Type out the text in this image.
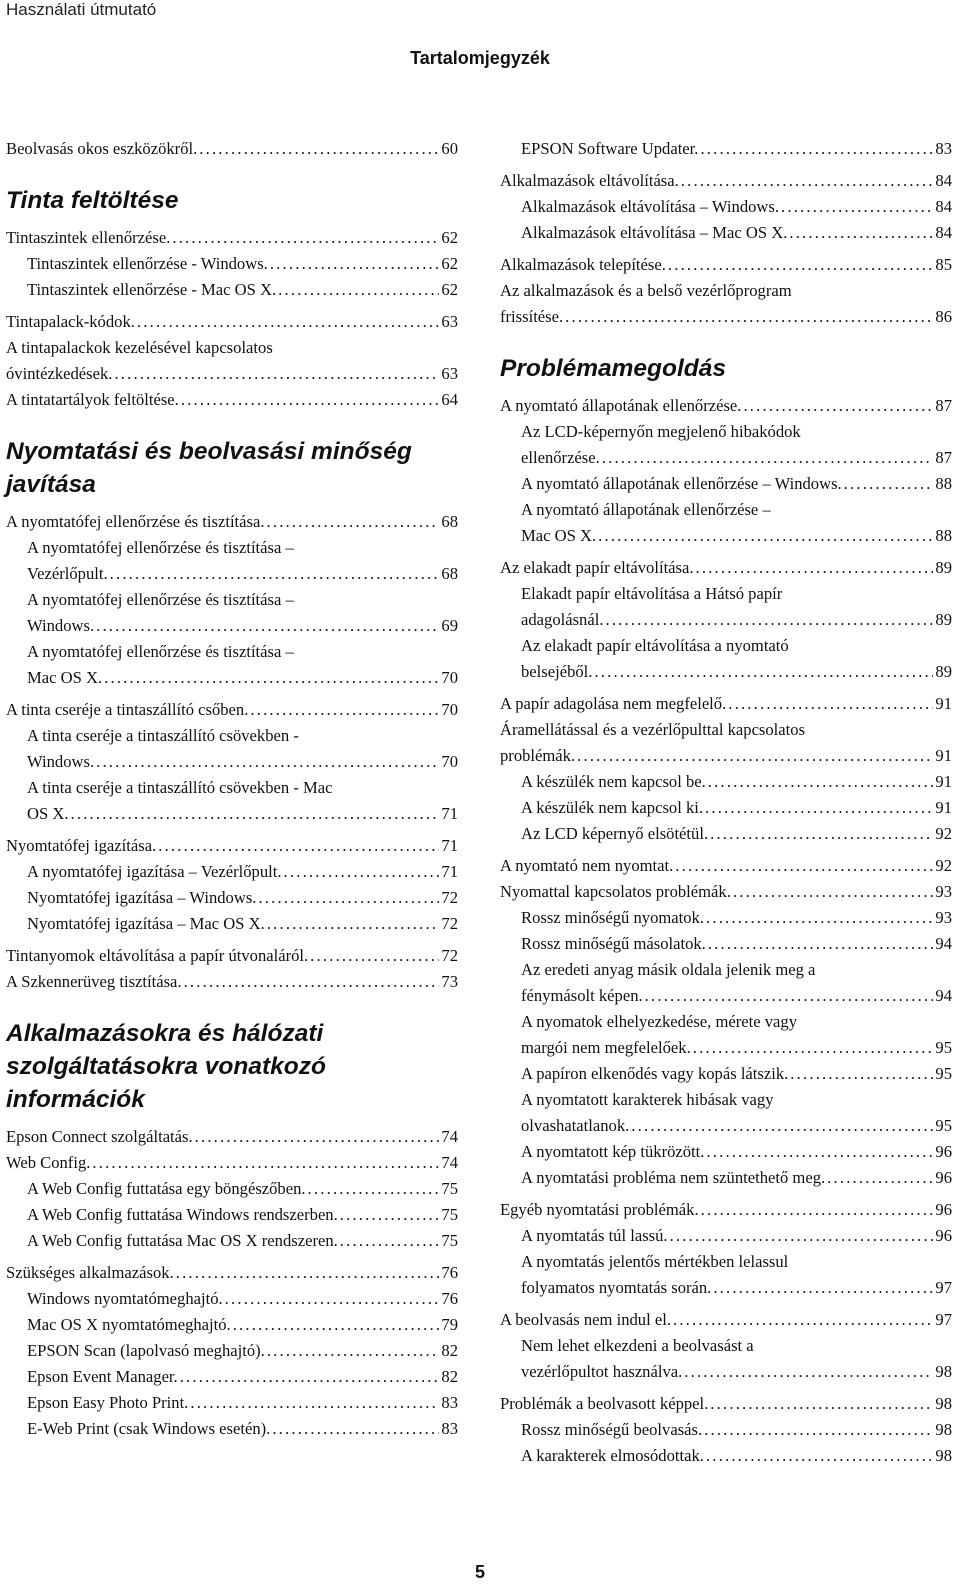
Használati útmutató
Tartalomjegyzék
Beolvasás okos eszközökről. .....	60
Tinta feltöltése
Tintaszintek ellenőrzése. .....	62
Tintaszintek ellenőrzése - Windows. .....	62
Tintaszintek ellenőrzése - Mac OS X. .....	62
Tintapalack-kódok. .....	63
A tintapalackok kezelésével kapcsolatos
óvintézkedések. .....	63
A tintatartályok feltöltése. .....	64
Nyomtatási és beolvasási minőség
javítása
A nyomtatófej ellenőrzése és tisztítása. .....	68
A nyomtatófej ellenőrzése és tisztítása –
Vezérlőpult. .....	68
A nyomtatófej ellenőrzése és tisztítása –
Windows. .....	69
A nyomtatófej ellenőrzése és tisztítása –
Mac OS X. .....	70
A tinta cseréje a tintaszállító csőben. .....	70
A tinta cseréje a tintaszállító csövekben -
Windows. .....	70
A tinta cseréje a tintaszállító csövekben - Mac
OS X. .....	71
Nyomtatófej igazítása. .....	71
A nyomtatófej igazítása – Vezérlőpult. .....	71
Nyomtatófej igazítása – Windows. .....	72
Nyomtatófej igazítása – Mac OS X. .....	72
Tintanyomok eltávolítása a papír útvonaláról. .....	72
A Szkennerüveg tisztítása. .....	73
Alkalmazásokra és hálózati
szolgáltatásokra vonatkozó
információk
Epson Connect szolgáltatás. .....	74
Web Config. .....	74
A Web Config futtatása egy böngészőben. .....	75
A Web Config futtatása Windows rendszerben. .....	75
A Web Config futtatása Mac OS X rendszeren. .....	75
Szükséges alkalmazások. .....	76
Windows nyomtatómeghajtó. .....	76
Mac OS X nyomtatómeghajtó. .....	79
EPSON Scan (lapolvasó meghajtó). .....	82
Epson Event Manager. .....	82
Epson Easy Photo Print. .....	83
E-Web Print (csak Windows esetén). .....	83
EPSON Software Updater. .....	83
Alkalmazások eltávolítása. .....	84
Alkalmazások eltávolítása – Windows. .....	84
Alkalmazások eltávolítása – Mac OS X. .....	84
Alkalmazások telepítése. .....	85
Az alkalmazások és a belső vezérlőprogram
frissítése. .....	86
Problémamegoldás
A nyomtató állapotának ellenőrzése. .....	87
Az LCD-képernyőn megjelenő hibakódok
ellenőrzése. .....	87
A nyomtató állapotának ellenőrzése – Windows. .....	88
A nyomtató állapotának ellenőrzése –
Mac OS X. .....	88
Az elakadt papír eltávolítása. .....	89
Elakadt papír eltávolítása a Hátsó papír
adagolásnál. .....	89
Az elakadt papír eltávolítása a nyomtató
belsejéből. .....	89
A papír adagolása nem megfelelő. .....	91
Áramellátással és a vezérlőpulttal kapcsolatos
problémák. .....	91
A készülék nem kapcsol be. .....	91
A készülék nem kapcsol ki. .....	91
Az LCD képernyő elsötétül. .....	92
A nyomtató nem nyomtat. .....	92
Nyomattal kapcsolatos problémák. .....	93
Rossz minőségű nyomatok. .....	93
Rossz minőségű másolatok. .....	94
Az eredeti anyag másik oldala jelenik meg a
fénymásolt képen. .....	94
A nyomatok elhelyezkedése, mérete vagy
margói nem megfelelőek. .....	95
A papíron elkenődés vagy kopás látszik. .....	95
A nyomtatott karakterek hibásak vagy
olvashatatlanok. .....	95
A nyomtatott kép tükrözött. .....	96
A nyomtatási probléma nem szüntethető meg. .....	96
Egyéb nyomtatási problémák. .....	96
A nyomtatás túl lassú. .....	96
A nyomtatás jelentős mértékben lelassul
folyamatos nyomtatás során. .....	97
A beolvasás nem indul el. .....	97
Nem lehet elkezdeni a beolvasást a
vezérlőpultot használva. .....	98
Problémák a beolvasott képpel. .....	98
Rossz minőségű beolvasás. .....	98
A karakterek elmosódottak. .....	98
5
